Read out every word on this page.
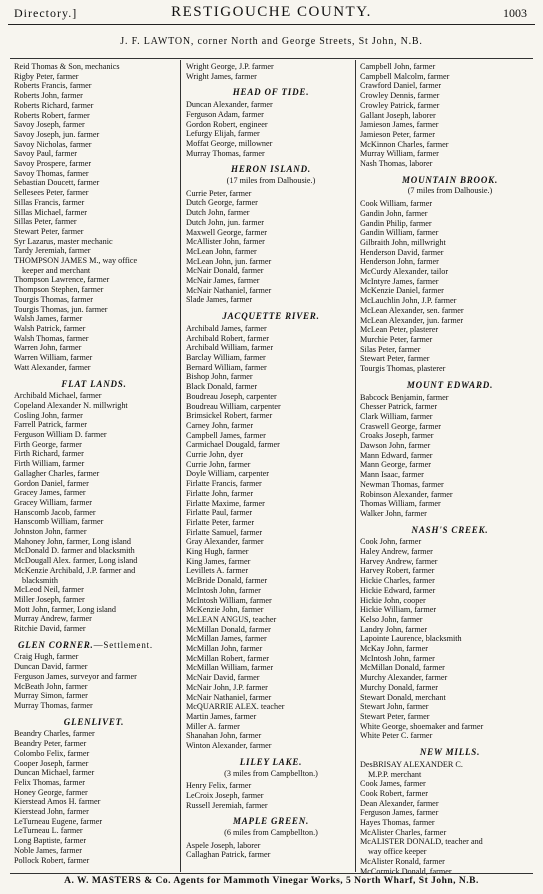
Directory.]	RESTIGOUCHE COUNTY.	1003
J. F. LAWTON, corner North and George Streets, St John, N.B.
Reid Thomas & Son, mechanics
Rigby Peter, farmer
Roberts Francis, farmer
Roberts John, farmer
Roberts Richard, farmer
Roberts Robert, farmer
Savoy Joseph, farmer
Savoy Joseph, jun. farmer
Savoy Nicholas, farmer
Savoy Paul, farmer
Savoy Prospere, farmer
Savoy Thomas, farmer
Sebastian Doucett, farmer
Sellesees Peter, farmer
Sillas Francis, farmer
Sillas Michael, farmer
Sillas Peter, farmer
Stewart Peter, farmer
Syr Lazarus, master mechanic
Tardy Jeremiah, farmer
THOMPSON JAMES M., way office
keeper and merchant
Thompson Lawrence, farmer
Thompson Stephen, farmer
Tourgis Thomas, farmer
Tourgis Thomas, jun. farmer
Walsh James, farmer
Walsh Patrick, farmer
Walsh Thomas, farmer
Warren John, farmer
Warren William, farmer
Watt Alexander, farmer
FLAT LANDS.
Archibald Michael, farmer
Copeland Alexander N. millwright
Cosling John, farmer
Farrell Patrick, farmer
Ferguson William D. farmer
Firth George, farmer
Firth Richard, farmer
Firth William, farmer
Gallagher Charles, farmer
Gordon Daniel, farmer
Gracey James, farmer
Gracey William, farmer
Hanscomb Jacob, farmer
Hanscomb William, farmer
Johnston John, farmer
Mahoney John, farmer, Long island
McDonald D. farmer and blacksmith
McDougall Alex. farmer, Long island
McKenzie Archibald, J.P. farmer and
blacksmith
McLeod Neil, farmer
Miller Joseph, farmer
Mott John, farmer, Long island
Murray Andrew, farmer
Ritchie David, farmer
GLEN CORNER.—Settlement.
Craig Hugh, farmer
Duncan David, farmer
Ferguson James, surveyor and farmer
McBeath John, farmer
Murray Simon, farmer
Murray Thomas, farmer
GLENLIVET.
Beandry Charles, farmer
Beandry Peter, farmer
Colombo Felix, farmer
Cooper Joseph, farmer
Duncan Michael, farmer
Felix Thomas, farmer
Honey George, farmer
Kierstead Amos H. farmer
Kierstead John, farmer
LeTurneau Eugene, farmer
LeTurneau L. farmer
Long Baptiste, farmer
Noble James, farmer
Pollock Robert, farmer
Wright George, J.P. farmer
Wright James, farmer
HEAD OF TIDE.
Duncan Alexander, farmer
Ferguson Adam, farmer
Gordon Robert, engineer
Lefurgy Elijah, farmer
Moffat George, millowner
Murray Thomas, farmer
HERON ISLAND.
(17 miles from Dalhousie.)
Currie Peter, farmer
Dutch George, farmer
Dutch John, farmer
Dutch John, jun. farmer
Maxwell George, farmer
McAllister John, farmer
McLean John, farmer
McLean John, jun. farmer
McNair Donald, farmer
McNair James, farmer
McNair Nathaniel, farmer
Slade James, farmer
JACQUETTE RIVER.
Archibald James, farmer
Archibald Robert, farmer
Archibald William, farmer
Barclay William, farmer
Bernard William, farmer
Bishop John, farmer
Black Donald, farmer
Boudreau Joseph, carpenter
Boudreau William, carpenter
Brimsickel Robert, farmer
Carney John, farmer
Campbell James, farmer
Carmichael Dougald, farmer
Currie John, dyer
Currie John, farmer
Doyle William, carpenter
Firlatte Francis, farmer
Firlatte John, farmer
Firlatte Maxime, farmer
Firlatte Paul, farmer
Firlatte Peter, farmer
Firlatte Samuel, farmer
Gray Alexander, farmer
King Hugh, farmer
King James, farmer
Levillets A. farmer
McBride Donald, farmer
McIntosh John, farmer
McIntosh William, farmer
McKenzie John, farmer
McLEAN ANGUS, teacher
McMillan Donald, farmer
McMillan James, farmer
McMillan John, farmer
McMillan Robert, farmer
McMillan William, farmer
McNair David, farmer
McNair John, J.P. farmer
McNair Nathaniel, farmer
McQUARRIE ALEX. teacher
Martin James, farmer
Miller A. farmer
Shanahan John, farmer
Winton Alexander, farmer
LILEY LAKE.
(3 miles from Campbellton.)
Henry Felix, farmer
LeCroix Joseph, farmer
Russell Jeremiah, farmer
MAPLE GREEN.
(6 miles from Campbellton.)
Aspele Joseph, laborer
Callaghan Patrick, farmer
Campbell John, farmer
Campbell Malcolm, farmer
Crawford Daniel, farmer
Crowley Dennis, farmer
Crowley Patrick, farmer
Gallant Joseph, laborer
Jamieson James, farmer
Jamieson Peter, farmer
McKinnon Charles, farmer
Murray William, farmer
Nash Thomas, laborer
MOUNTAIN BROOK.
(7 miles from Dalhousie.)
Cook William, farmer
Gandin John, farmer
Gandin Philip, farmer
Gandin William, farmer
Gilbraith John, millwright
Henderson David, farmer
Henderson John, farmer
McCurdy Alexander, tailor
McIntyre James, farmer
McKenzie Daniel, farmer
McLauchlin John, J.P. farmer
McLean Alexander, sen. farmer
McLean Alexander, jun. farmer
McLean Peter, plasterer
Murchie Peter, farmer
Silas Peter, farmer
Stewart Peter, farmer
Tourgis Thomas, plasterer
MOUNT EDWARD.
Babcock Benjamin, farmer
Chesser Patrick, farmer
Clark William, farmer
Craswell George, farmer
Croaks Joseph, farmer
Dawson John, farmer
Mann Edward, farmer
Mann George, farmer
Mann Isaac, farmer
Newman Thomas, farmer
Robinson Alexander, farmer
Thomas William, farmer
Walker John, farmer
NASH'S CREEK.
Cook John, farmer
Haley Andrew, farmer
Harvey Andrew, farmer
Harvey Robert, farmer
Hickie Charles, farmer
Hickie Edward, farmer
Hickie John, cooper
Hickie William, farmer
Kelso John, farmer
Landry John, farmer
Lapointe Laurence, blacksmith
McKay John, farmer
McIntosh John, farmer
McMillan Donald, farmer
Murchy Alexander, farmer
Murchy Donald, farmer
Stewart Donald, merchant
Stewart John, farmer
Stewart Peter, farmer
White George, shoemaker and farmer
White Peter C. farmer
NEW MILLS.
DesBRISAY ALEXANDER C.
M.P.P. merchant
Cook James, farmer
Cook Robert, farmer
Dean Alexander, farmer
Ferguson James, farmer
Hayes Thomas, farmer
McAlister Charles, farmer
McALISTER DONALD, teacher and
way office keeper
McAlister Ronald, farmer
McCormick Donald, farmer
A. W. MASTERS & Co. Agents for Mammoth Vinegar Works, 5 North Wharf, St John, N.B.
